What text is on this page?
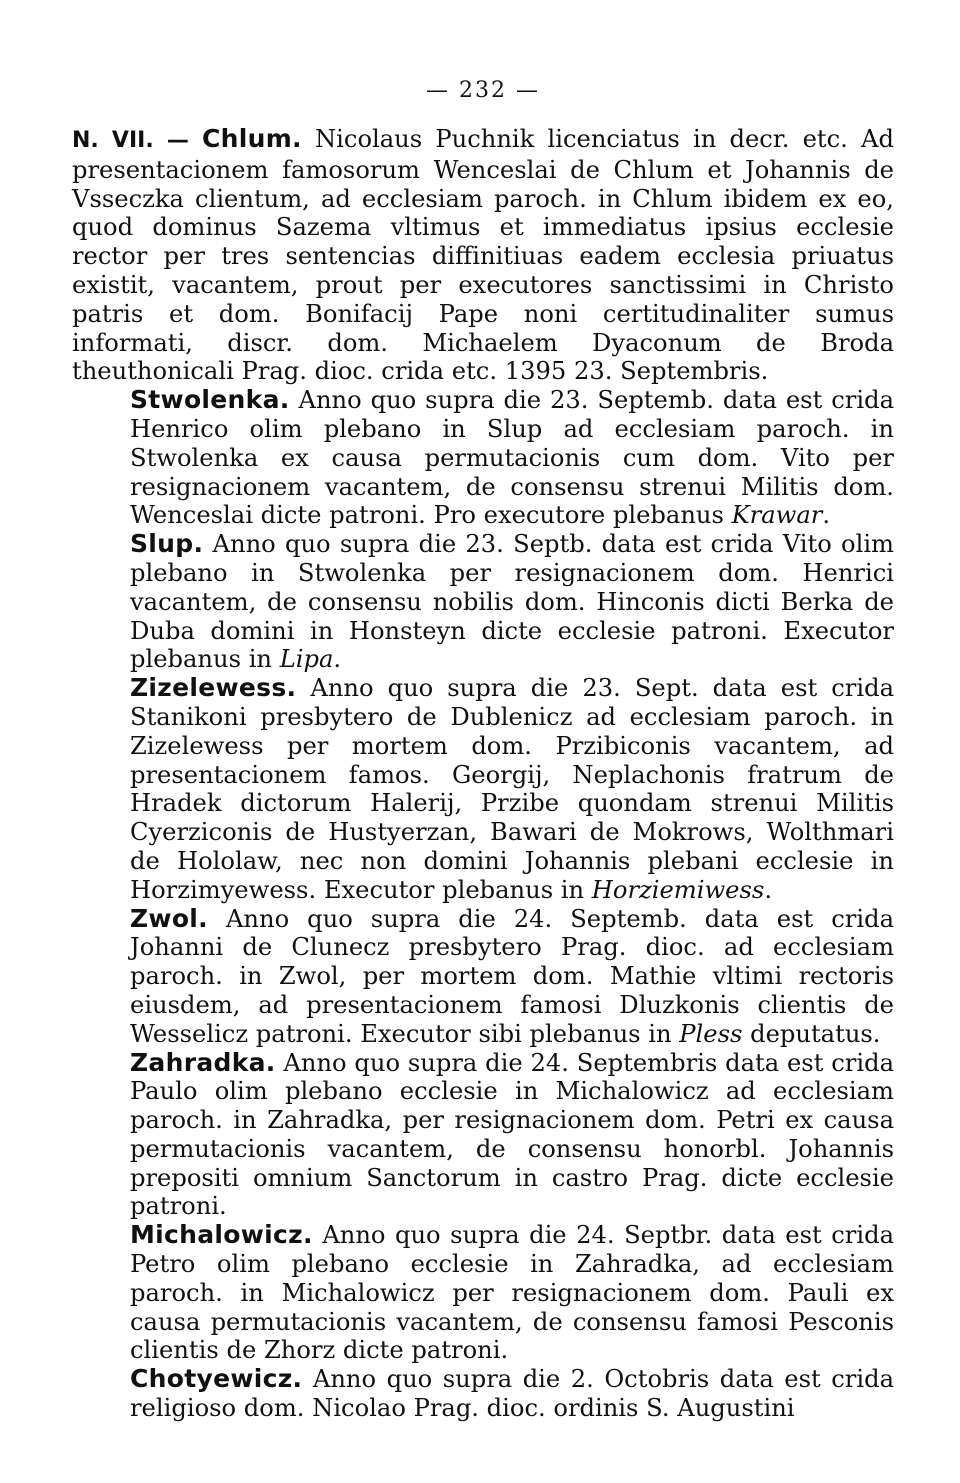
— 232 —

N. VII. — Chlum. Nicolaus Puchnik licenciatus in decr. etc. Ad presentacionem famosorum Wenceslai de Chlum et Johannis de Vsseczka clientum, ad ecclesiam paroch. in Chlum ibidem ex eo, quod dominus Sazema vltimus et immediatus ipsius ecclesie rector per tres sentencias diffinitiuas eadem ecclesia priuatus existit, vacantem, prout per executores sanctissimi in Christo patris et dom. Bonifacij Pape noni certitudinaliter sumus informati, discr. dom. Michaelem Dyaconum de Broda theuthonicali Prag. dioc. crida etc. 1395 23. Septembris.

Stwolenka. Anno quo supra die 23. Septemb. data est crida Henrico olim plebano in Slup ad ecclesiam paroch. in Stwolenka ex causa permutacionis cum dom. Vito per resignacionem vacantem, de consensu strenui Militis dom. Wenceslai dicte patroni. Pro executore plebanus Krawar.

Slup. Anno quo supra die 23. Septb. data est crida Vito olim plebano in Stwolenka per resignacionem dom. Henrici vacantem, de consensu nobilis dom. Hinconis dicti Berka de Duba domini in Honsteyn dicte ecclesie patroni. Executor plebanus in Lipa.

Zizelewess. Anno quo supra die 23. Sept. data est crida Stanikoni presbytero de Dublenicz ad ecclesiam paroch. in Zizelewess per mortem dom. Przibiconis vacantem, ad presentacionem famos. Georgij, Neplachonis fratrum de Hradek dictorum Halerij, Przibe quondam strenui Militis Cyerziconis de Hustyerzan, Bawari de Mokrows, Wolthmari de Hololaw, nec non domini Johannis plebani ecclesie in Horzimyewess. Executor plebanus in Horziemiwess.

Zwol. Anno quo supra die 24. Septemb. data est crida Johanni de Clunecz presbytero Prag. dioc. ad ecclesiam paroch. in Zwol, per mortem dom. Mathie vltimi rectoris eiusdem, ad presentacionem famosi Dluzkonis clientis de Wesselicz patroni. Executor sibi plebanus in Pless deputatus.

Zahradka. Anno quo supra die 24. Septembris data est crida Paulo olim plebano ecclesie in Michalowicz ad ecclesiam paroch. in Zahradka, per resignacionem dom. Petri ex causa permutacionis vacantem, de consensu honorbl. Johannis prepositi omnium Sanctorum in castro Prag. dicte ecclesie patroni.

Michalowicz. Anno quo supra die 24. Septbr. data est crida Petro olim plebano ecclesie in Zahradka, ad ecclesiam paroch. in Michalowicz per resignacionem dom. Pauli ex causa permutacionis vacantem, de consensu famosi Pesconis clientis de Zhorz dicte patroni.

Chotyewicz. Anno quo supra die 2. Octobris data est crida religioso dom. Nicolao Prag. dioc. ordinis S. Augustini
